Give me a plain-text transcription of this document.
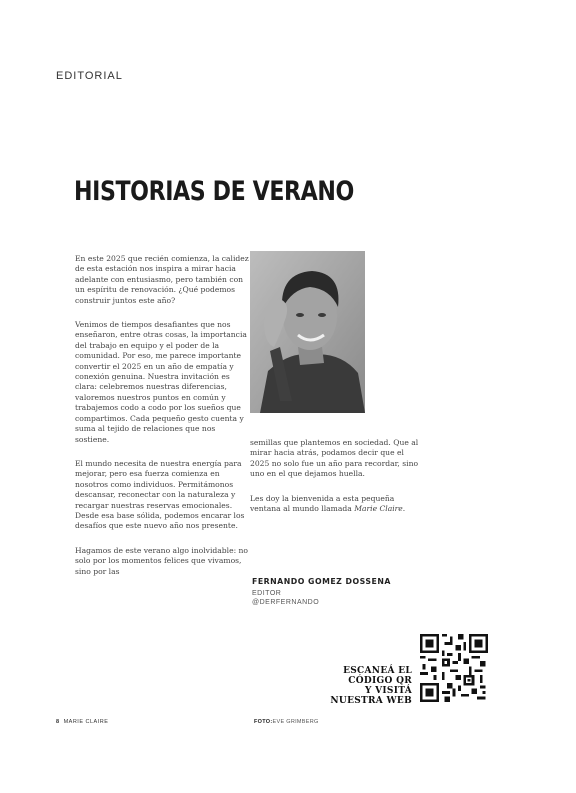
EDITORIAL
HISTORIAS DE VERANO

En este 2025 que recién comienza, la calidez de esta estación nos inspira a mirar hacia adelante con entusiasmo, pero también con un espíritu de renovación. ¿Qué podemos construir juntos este año?

Venimos de tiempos desafiantes que nos enseñaron, entre otras cosas, la importancia del trabajo en equipo y el poder de la comunidad. Por eso, me parece importante convertir el 2025 en un año de empatía y conexión genuina. Nuestra invitación es clara: celebremos nuestras diferencias, valoremos nuestros puntos en común y trabajemos codo a codo por los sueños que compartimos. Cada pequeño gesto cuenta y suma al tejido de relaciones que nos sostiene.

El mundo necesita de nuestra energía para mejorar, pero esa fuerza comienza en nosotros como individuos. Permitámonos descansar, reconectar con la naturaleza y recargar nuestras reservas emocionales. Desde esa base sólida, podemos encarar los desafíos que este nuevo año nos presente.

Hagamos de este verano algo inolvidable: no solo por los momentos felices que vivamos, sino por las

semillas que plantemos en sociedad. Que al mirar hacia atrás, podamos decir que el 2025 no solo fue un año para recordar, sino uno en el que dejamos huella.

Les doy la bienvenida a esta pequeña ventana al mundo llamada Marie Claire.

FERNANDO GOMEZ DOSSENA
EDITOR
@DERFERNANDO
ESCANEÁ EL
CÓDIGO QR
Y VISITÁ
NUESTRA WEB
8 MARIE CLAIRE	FOTO:EVE GRIMBERG
